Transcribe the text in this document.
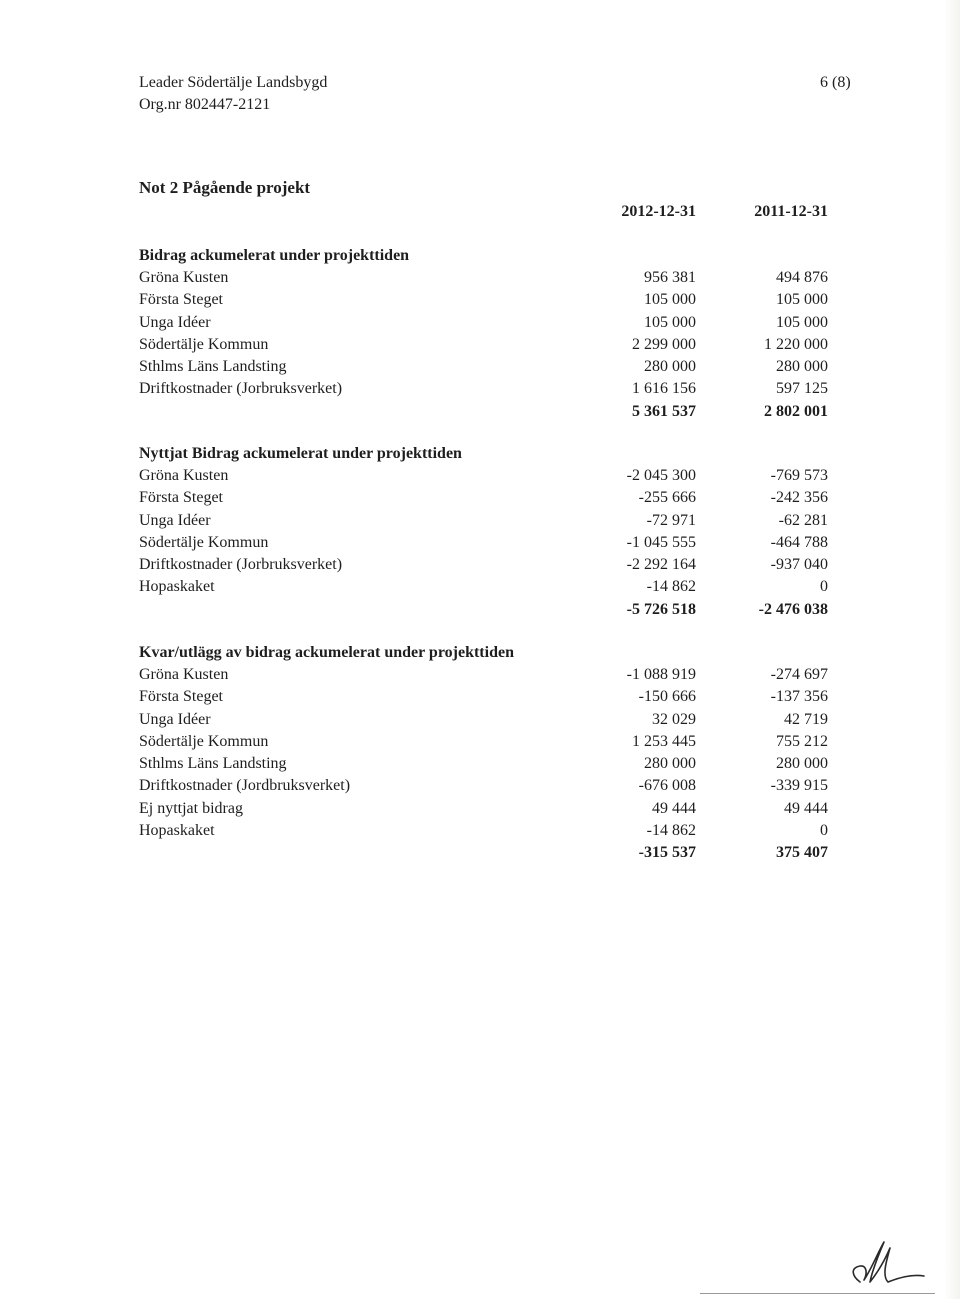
Leader Södertälje Landsbygd
Org.nr 802447-2121
6 (8)
Not 2 Pågående projekt
2012-12-31	2011-12-31
Bidrag ackumelerat under projekttiden
Gröna Kusten	956 381	494 876
Första Steget	105 000	105 000
Unga Idéer	105 000	105 000
Södertälje Kommun	2 299 000	1 220 000
Sthlms Läns Landsting	280 000	280 000
Driftkostnader (Jorbruksverket)	1 616 156	597 125
5 361 537	2 802 001
Nyttjat Bidrag ackumelerat under projekttiden
Gröna Kusten	-2 045 300	-769 573
Första Steget	-255 666	-242 356
Unga Idéer	-72 971	-62 281
Södertälje Kommun	-1 045 555	-464 788
Driftkostnader (Jorbruksverket)	-2 292 164	-937 040
Hopaskaket	-14 862	0
-5 726 518	-2 476 038
Kvar/utlägg av bidrag ackumelerat under projekttiden
Gröna Kusten	-1 088 919	-274 697
Första Steget	-150 666	-137 356
Unga Idéer	32 029	42 719
Södertälje Kommun	1 253 445	755 212
Sthlms Läns Landsting	280 000	280 000
Driftkostnader (Jordbruksverket)	-676 008	-339 915
Ej nyttjat bidrag	49 444	49 444
Hopaskaket	-14 862	0
-315 537	375 407
